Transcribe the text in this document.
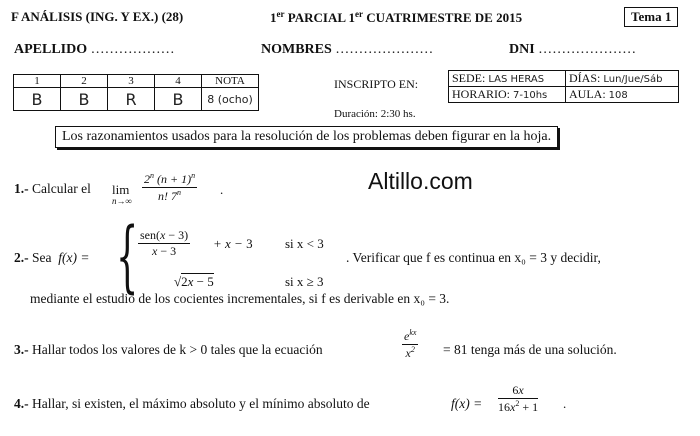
F ANÁLISIS (ING. Y EX.) (28)	1er PARCIAL 1er CUATRIMESTRE DE 2015	Tema 1
APELLIDO ………………	NOMBRES …………………	DNI …………………
1	2	3	4	NOTA
B	B	R	B	8 (ocho)
INSCRIPTO EN:
Duración: 2:30 hs.
SEDE: LAS HERAS	DÍAS: Lun/Jue/Sáb
HORARIO: 7-10hs	AULA: 108
Los razonamientos usados para la resolución de los problemas deben figurar en la hoja.
Altillo.com
1.- Calcular el lim
$n\to\infty \frac{2^n (n + 1)^n}{n! 7^n}$ .
2.- Sea  f(x) = { sen(x − 3)
x − 3	+ x − 3 si x < 3
√2x − 5	si x ≥ 3
. Verificar que f es continua en x₀ = 3 y decidir,
mediante el estudio de los cocientes incrementales, si f es derivable en x₀ = 3.
3.- Hallar todos los valores de k > 0 tales que la ecuación
$e^{kx}$
$x^2 = 81$ tenga más de una solución.
4.- Hallar, si existen, el máximo absoluto y el mínimo absoluto de	$f(x) = \frac{6x}{16x^2 + 1}$ .
